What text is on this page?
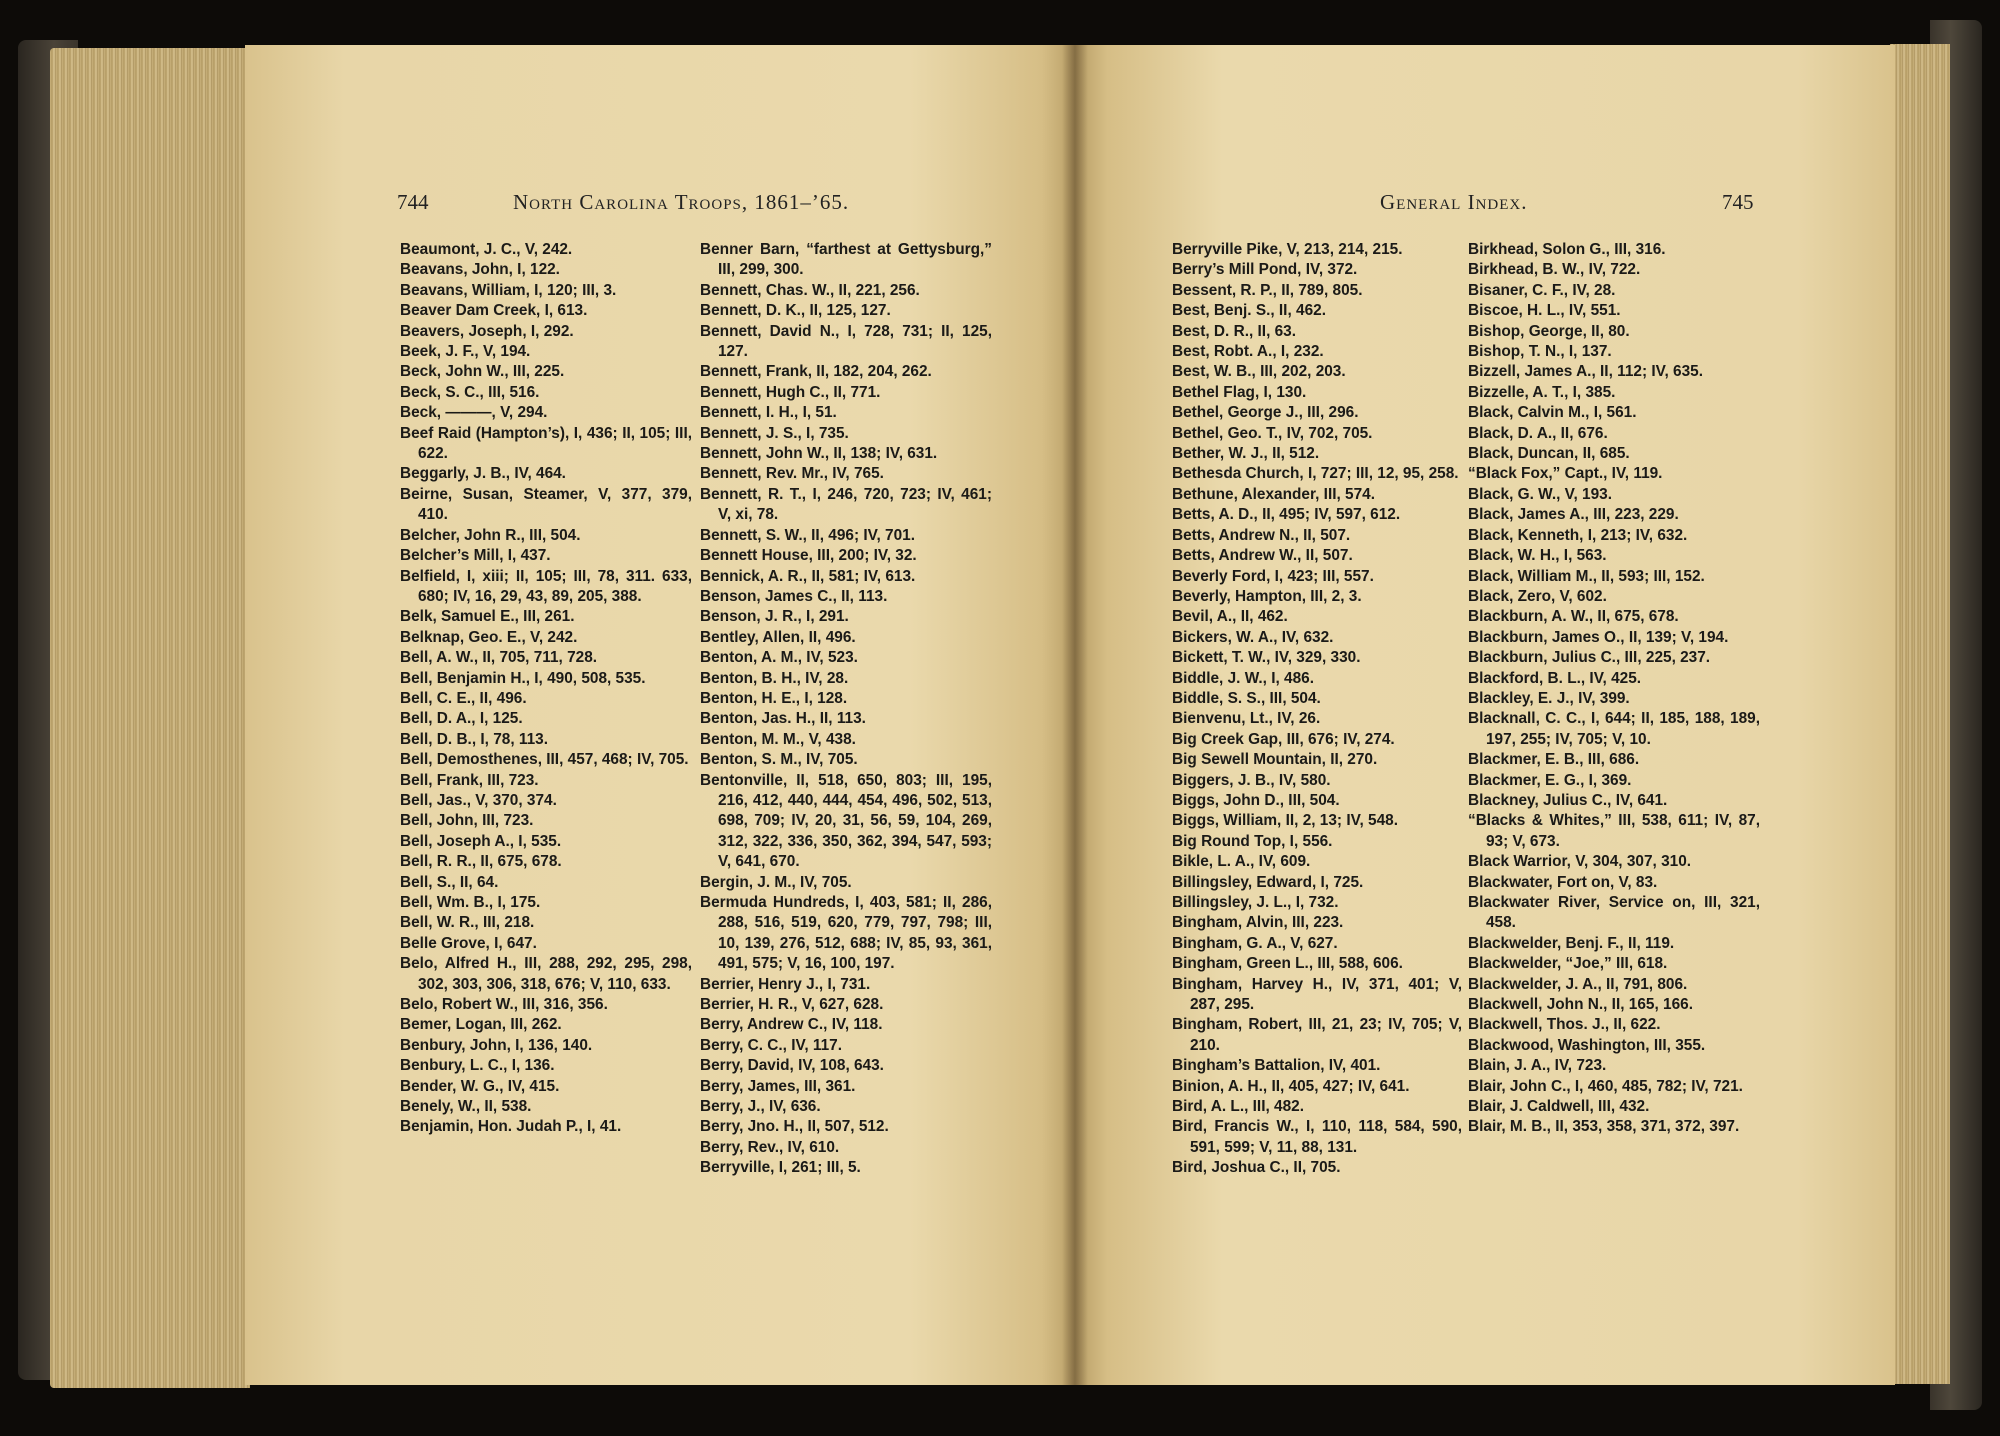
744	North Carolina Troops, 1861–’65.	General Index.	745
Beaumont, J. C., V, 242.
Beavans, John, I, 122.
Beavans, William, I, 120; III, 3.
Beaver Dam Creek, I, 613.
Beavers, Joseph, I, 292.
Beek, J. F., V, 194.
Beck, John W., III, 225.
Beck, S. C., III, 516.
Beck, ———, V, 294.
Beef Raid (Hampton’s), I, 436; II, 105; III, 622.
Beggarly, J. B., IV, 464.
Beirne, Susan, Steamer, V, 377, 379, 410.
Belcher, John R., III, 504.
Belcher’s Mill, I, 437.
Belfield, I, xiii; II, 105; III, 78, 311. 633, 680; IV, 16, 29, 43, 89, 205, 388.
Belk, Samuel E., III, 261.
Belknap, Geo. E., V, 242.
Bell, A. W., II, 705, 711, 728.
Bell, Benjamin H., I, 490, 508, 535.
Bell, C. E., II, 496.
Bell, D. A., I, 125.
Bell, D. B., I, 78, 113.
Bell, Demosthenes, III, 457, 468; IV, 705.
Bell, Frank, III, 723.
Bell, Jas., V, 370, 374.
Bell, John, III, 723.
Bell, Joseph A., I, 535.
Bell, R. R., II, 675, 678.
Bell, S., II, 64.
Bell, Wm. B., I, 175.
Bell, W. R., III, 218.
Belle Grove, I, 647.
Belo, Alfred H., III, 288, 292, 295, 298, 302, 303, 306, 318, 676; V, 110, 633.
Belo, Robert W., III, 316, 356.
Bemer, Logan, III, 262.
Benbury, John, I, 136, 140.
Benbury, L. C., I, 136.
Bender, W. G., IV, 415.
Benely, W., II, 538.
Benjamin, Hon. Judah P., I, 41.
Benner Barn, “farthest at Gettysburg,” III, 299, 300.
Bennett, Chas. W., II, 221, 256.
Bennett, D. K., II, 125, 127.
Bennett, David N., I, 728, 731; II, 125, 127.
Bennett, Frank, II, 182, 204, 262.
Bennett, Hugh C., II, 771.
Bennett, I. H., I, 51.
Bennett, J. S., I, 735.
Bennett, John W., II, 138; IV, 631.
Bennett, Rev. Mr., IV, 765.
Bennett, R. T., I, 246, 720, 723; IV, 461; V, xi, 78.
Bennett, S. W., II, 496; IV, 701.
Bennett House, III, 200; IV, 32.
Bennick, A. R., II, 581; IV, 613.
Benson, James C., II, 113.
Benson, J. R., I, 291.
Bentley, Allen, II, 496.
Benton, A. M., IV, 523.
Benton, B. H., IV, 28.
Benton, H. E., I, 128.
Benton, Jas. H., II, 113.
Benton, M. M., V, 438.
Benton, S. M., IV, 705.
Bentonville, II, 518, 650, 803; III, 195, 216, 412, 440, 444, 454, 496, 502, 513, 698, 709; IV, 20, 31, 56, 59, 104, 269, 312, 322, 336, 350, 362, 394, 547, 593; V, 641, 670.
Bergin, J. M., IV, 705.
Bermuda Hundreds, I, 403, 581; II, 286, 288, 516, 519, 620, 779, 797, 798; III, 10, 139, 276, 512, 688; IV, 85, 93, 361, 491, 575; V, 16, 100, 197.
Berrier, Henry J., I, 731.
Berrier, H. R., V, 627, 628.
Berry, Andrew C., IV, 118.
Berry, C. C., IV, 117.
Berry, David, IV, 108, 643.
Berry, James, III, 361.
Berry, J., IV, 636.
Berry, Jno. H., II, 507, 512.
Berry, Rev., IV, 610.
Berryville, I, 261; III, 5.
Berryville Pike, V, 213, 214, 215.
Berry’s Mill Pond, IV, 372.
Bessent, R. P., II, 789, 805.
Best, Benj. S., II, 462.
Best, D. R., II, 63.
Best, Robt. A., I, 232.
Best, W. B., III, 202, 203.
Bethel Flag, I, 130.
Bethel, George J., III, 296.
Bethel, Geo. T., IV, 702, 705.
Bether, W. J., II, 512.
Bethesda Church, I, 727; III, 12, 95, 258.
Bethune, Alexander, III, 574.
Betts, A. D., II, 495; IV, 597, 612.
Betts, Andrew N., II, 507.
Betts, Andrew W., II, 507.
Beverly Ford, I, 423; III, 557.
Beverly, Hampton, III, 2, 3.
Bevil, A., II, 462.
Bickers, W. A., IV, 632.
Bickett, T. W., IV, 329, 330.
Biddle, J. W., I, 486.
Biddle, S. S., III, 504.
Bienvenu, Lt., IV, 26.
Big Creek Gap, III, 676; IV, 274.
Big Sewell Mountain, II, 270.
Biggers, J. B., IV, 580.
Biggs, John D., III, 504.
Biggs, William, II, 2, 13; IV, 548.
Big Round Top, I, 556.
Bikle, L. A., IV, 609.
Billingsley, Edward, I, 725.
Billingsley, J. L., I, 732.
Bingham, Alvin, III, 223.
Bingham, G. A., V, 627.
Bingham, Green L., III, 588, 606.
Bingham, Harvey H., IV, 371, 401; V, 287, 295.
Bingham, Robert, III, 21, 23; IV, 705; V, 210.
Bingham’s Battalion, IV, 401.
Binion, A. H., II, 405, 427; IV, 641.
Bird, A. L., III, 482.
Bird, Francis W., I, 110, 118, 584, 590, 591, 599; V, 11, 88, 131.
Bird, Joshua C., II, 705.
Birkhead, Solon G., III, 316.
Birkhead, B. W., IV, 722.
Bisaner, C. F., IV, 28.
Biscoe, H. L., IV, 551.
Bishop, George, II, 80.
Bishop, T. N., I, 137.
Bizzell, James A., II, 112; IV, 635.
Bizzelle, A. T., I, 385.
Black, Calvin M., I, 561.
Black, D. A., II, 676.
Black, Duncan, II, 685.
“Black Fox,” Capt., IV, 119.
Black, G. W., V, 193.
Black, James A., III, 223, 229.
Black, Kenneth, I, 213; IV, 632.
Black, W. H., I, 563.
Black, William M., II, 593; III, 152.
Black, Zero, V, 602.
Blackburn, A. W., II, 675, 678.
Blackburn, James O., II, 139; V, 194.
Blackburn, Julius C., III, 225, 237.
Blackford, B. L., IV, 425.
Blackley, E. J., IV, 399.
Blacknall, C. C., I, 644; II, 185, 188, 189, 197, 255; IV, 705; V, 10.
Blackmer, E. B., III, 686.
Blackmer, E. G., I, 369.
Blackney, Julius C., IV, 641.
“Blacks & Whites,” III, 538, 611; IV, 87, 93; V, 673.
Black Warrior, V, 304, 307, 310.
Blackwater, Fort on, V, 83.
Blackwater River, Service on, III, 321, 458.
Blackwelder, Benj. F., II, 119.
Blackwelder, “Joe,” III, 618.
Blackwelder, J. A., II, 791, 806.
Blackwell, John N., II, 165, 166.
Blackwell, Thos. J., II, 622.
Blackwood, Washington, III, 355.
Blain, J. A., IV, 723.
Blair, John C., I, 460, 485, 782; IV, 721.
Blair, J. Caldwell, III, 432.
Blair, M. B., II, 353, 358, 371, 372, 397.
